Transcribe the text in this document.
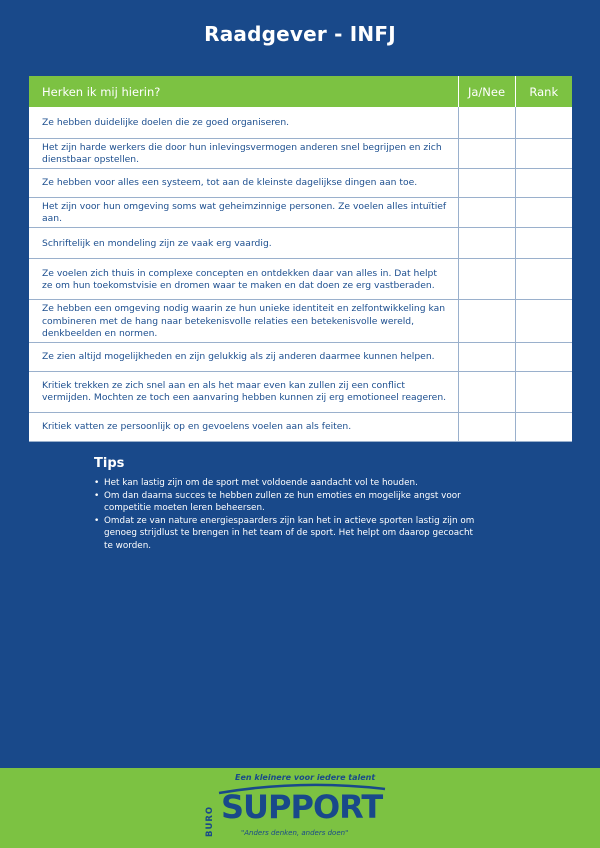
Raadgever - INFJ
Herken ik mij hierin?	Ja/Nee	Rank
Ze hebben duidelijke doelen die ze goed organiseren.		
Het zijn harde werkers die door hun inlevingsvermogen anderen snel begrijpen en zich dienstbaar opstellen.		
Ze hebben voor alles een systeem, tot aan de kleinste dagelijkse dingen aan toe.		
Het zijn voor hun omgeving soms wat geheimzinnige personen. Ze voelen alles intuïtief aan.		
Schriftelijk en mondeling zijn ze vaak erg vaardig.		
Ze voelen zich thuis in complexe concepten en ontdekken daar van alles in. Dat helpt ze om hun toekomstvisie en dromen waar te maken en dat doen ze erg vastberaden.		
Ze hebben een omgeving nodig waarin ze hun unieke identiteit en zelfontwikkeling kan combineren met de hang naar betekenisvolle relaties een betekenisvolle wereld, denkbeelden en normen.		
Ze zien altijd mogelijkheden en zijn gelukkig als zij anderen daarmee kunnen helpen.		
Kritiek trekken ze zich snel aan en als het maar even kan zullen zij een conflict vermijden. Mochten ze toch een aanvaring hebben kunnen zij erg emotioneel reageren.		
Kritiek vatten ze persoonlijk op en gevoelens voelen aan als feiten.		
Tips
• Het kan lastig zijn om de sport met voldoende aandacht vol te houden.
• Om dan daarna succes te hebben zullen ze hun emoties en mogelijke angst voor competitie moeten leren beheersen.
• Omdat ze van nature energiespaarders zijn kan het in actieve sporten lastig zijn om genoeg strijdlust te brengen in het team of de sport. Het helpt om daarop gecoacht te worden.
Een kleinere voor iedere talent
BURO SUPPORT
"Anders denken, anders doen"
